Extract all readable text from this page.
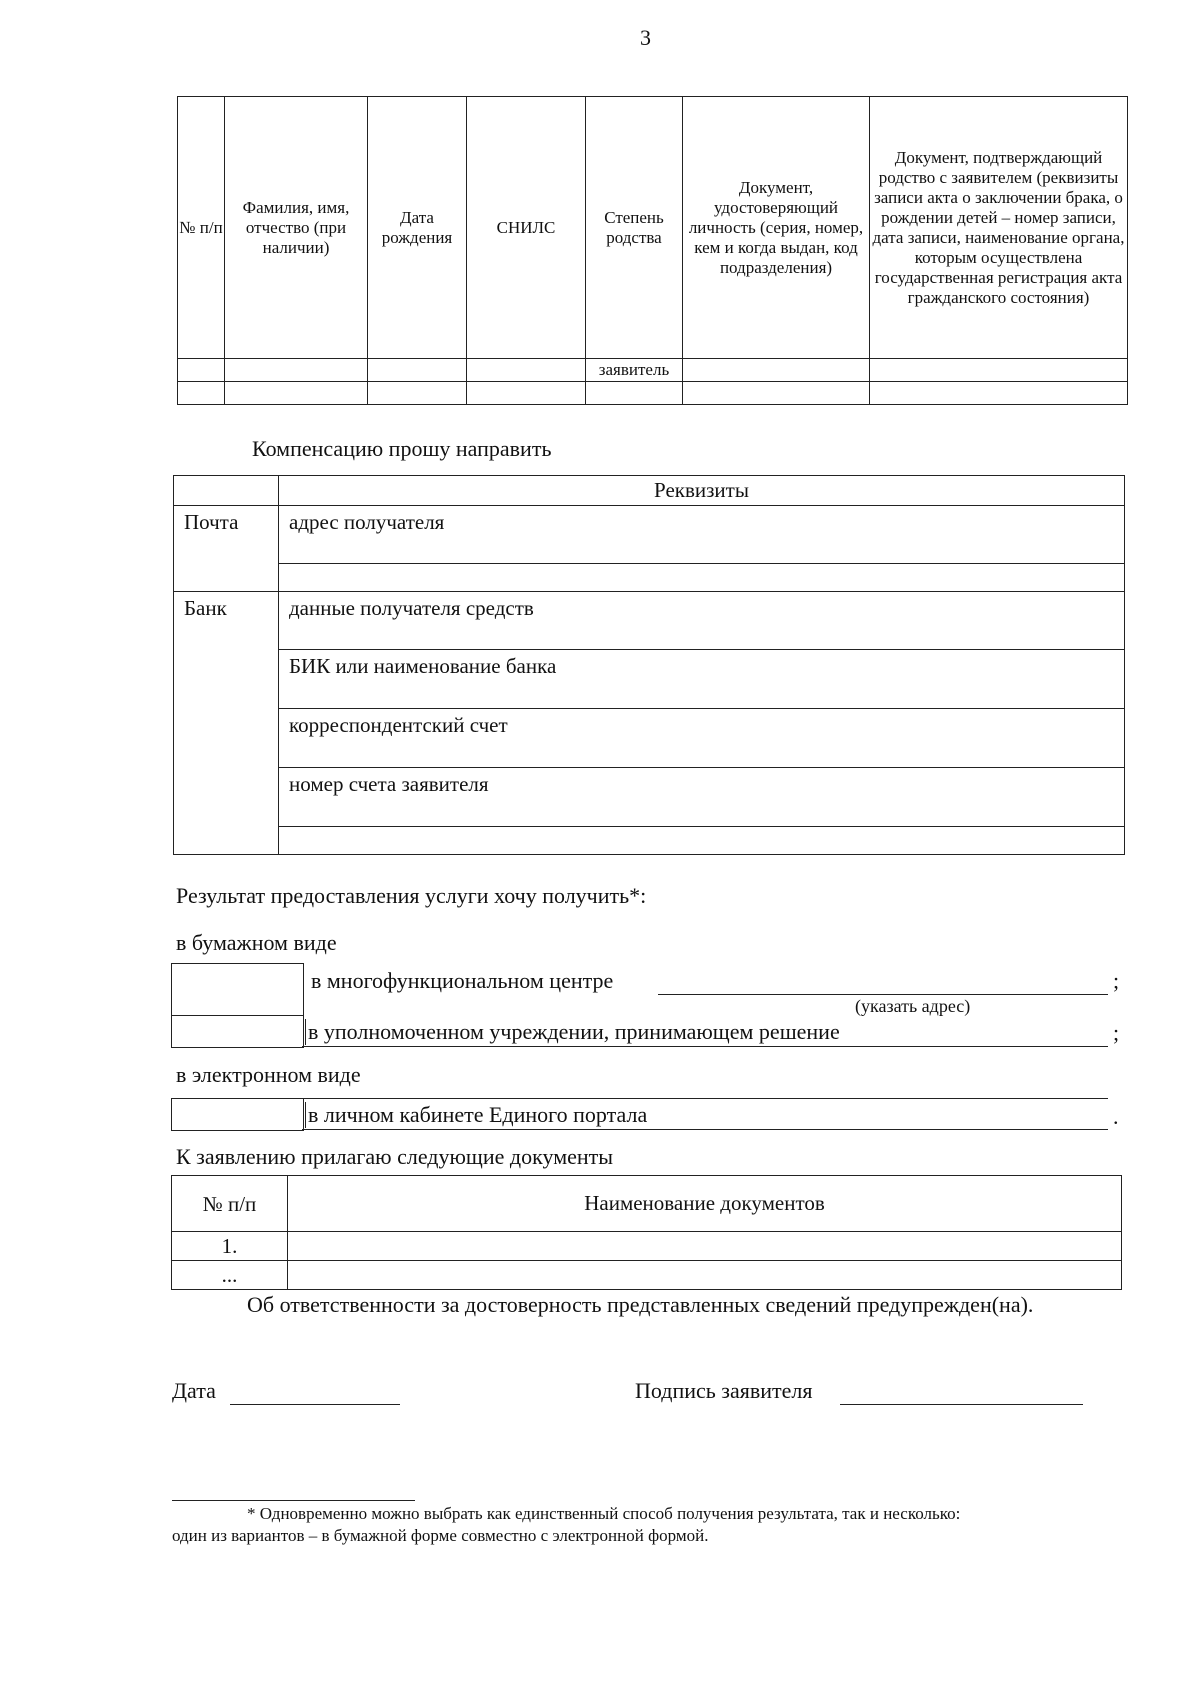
3
№ п/п	Фамилия, имя, отчество (при наличии)	Дата рождения	СНИЛС	Степень родства	Документ, удостоверяющий личность (серия, номер, кем и когда выдан, код подразделения)	Документ, подтверждающий родство с заявителем (реквизиты записи акта о заключении брака, о рождении детей – номер записи, дата записи, наименование органа, которым осуществлена государственная регистрация акта гражданского состояния)
				заявитель		

Компенсацию прошу направить
	Реквизиты
Почта	адрес получателя

Банк	данные получателя средств
	БИК или наименование банка
	корреспондентский счет
	номер счета заявителя

Результат предоставления услуги хочу получить*:
в бумажном виде
в многофункциональном центре	;
(указать адрес)
в уполномоченном учреждении, принимающем решение	;
в электронном виде
в личном кабинете Единого портала	.
К заявлению прилагаю следующие документы
№ п/п	Наименование документов
1.	
...	
Об ответственности за достоверность представленных сведений предупрежден(на).
Дата	Подпись заявителя
* Одновременно можно выбрать как единственный способ получения результата, так и несколько:
один из вариантов – в бумажной форме совместно с электронной формой.
